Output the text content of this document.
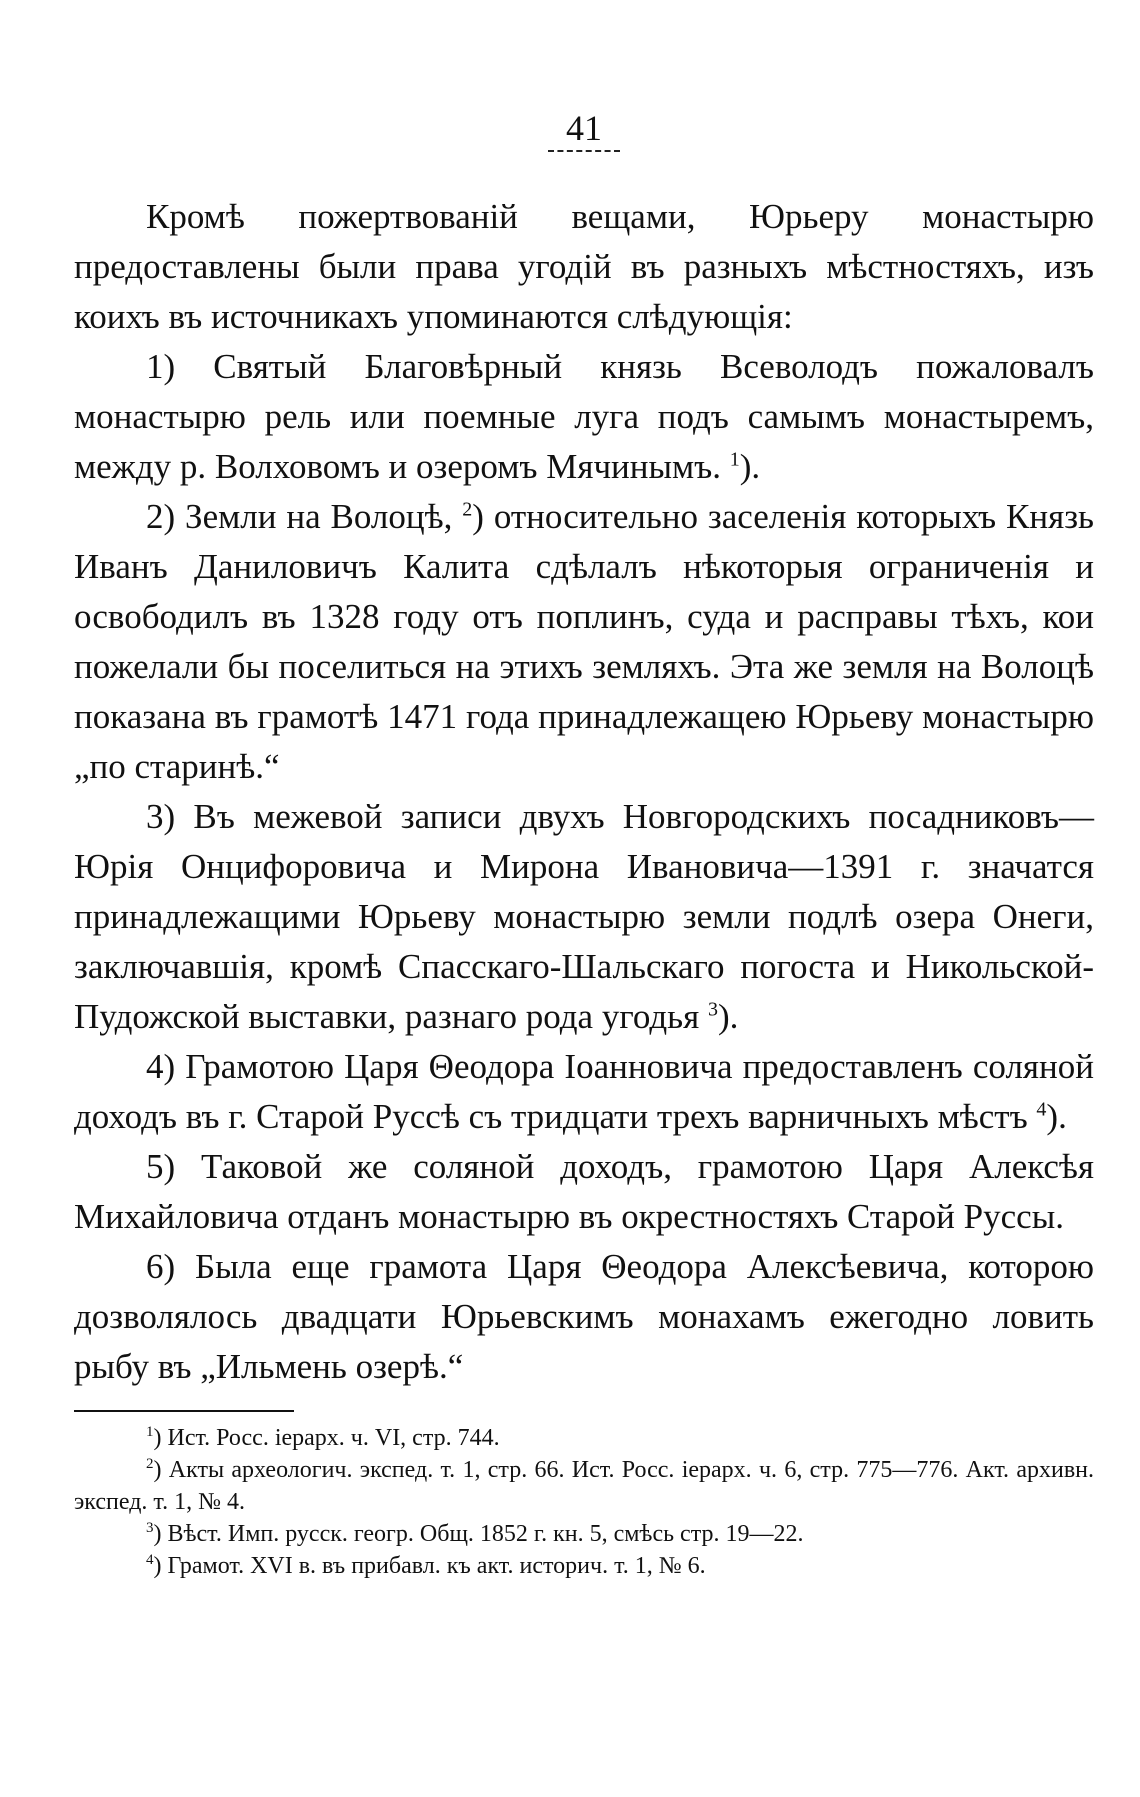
41

Кромѣ пожертвованій вещами, Юрьеру монастырю предоставлены были права угодій въ разныхъ мѣстностяхъ, изъ коихъ въ источникахъ упоминаются слѣдующія:

1) Святый Благовѣрный князь Всеволодъ пожаловалъ монастырю рель или поемные луга подъ самымъ монастыремъ, между р. Волховомъ и озеромъ Мячинымъ. $^1$).

2) Земли на Волоцѣ, $^2$) относительно заселенія которыхъ Князь Иванъ Даниловичъ Калита сдѣлалъ нѣкоторыя ограниченія и освободилъ въ 1328 году отъ поплинъ, суда и расправы тѣхъ, кои пожелали бы поселиться на этихъ земляхъ. Эта же земля на Волоцѣ показана въ грамотѣ 1471 года принадлежащею Юрьеву монастырю „по старинѣ.“

3) Въ межевой записи двухъ Новгородскихъ посадниковъ—Юрія Онцифоровича и Мирона Ивановича—1391 г. значатся принадлежащими Юрьеву монастырю земли подлѣ озера Онеги, заключавшія, кромѣ Спасскаго-Шальскаго погоста и Никольской-Пудожской выставки, разнаго рода угодья $^3$).

4) Грамотою Царя Θеодора Іоанновича предоставленъ соляной доходъ въ г. Старой Руссѣ съ тридцати трехъ варничныхъ мѣстъ $^4$).

5) Таковой же соляной доходъ, грамотою Царя Алексѣя Михайловича отданъ монастырю въ окрестностяхъ Старой Руссы.

6) Была еще грамота Царя Θеодора Алексѣевича, которою дозволялось двадцати Юрьевскимъ монахамъ ежегодно ловить рыбу въ „Ильмень озерѣ.“

$^1$) Ист. Росс. іерарх. ч. VI, стр. 744.

$^2$) Акты археологич. экспед. т. 1, стр. 66. Ист. Росс. іерарх. ч. 6, стр. 775—776. Акт. архивн. экспед. т. 1, № 4.

$^3$) Вѣст. Имп. русск. геогр. Общ. 1852 г. кн. 5, смѣсь стр. 19—22.

$^4$) Грамот. XVI в. въ прибавл. къ акт. историч. т. 1, № 6.
